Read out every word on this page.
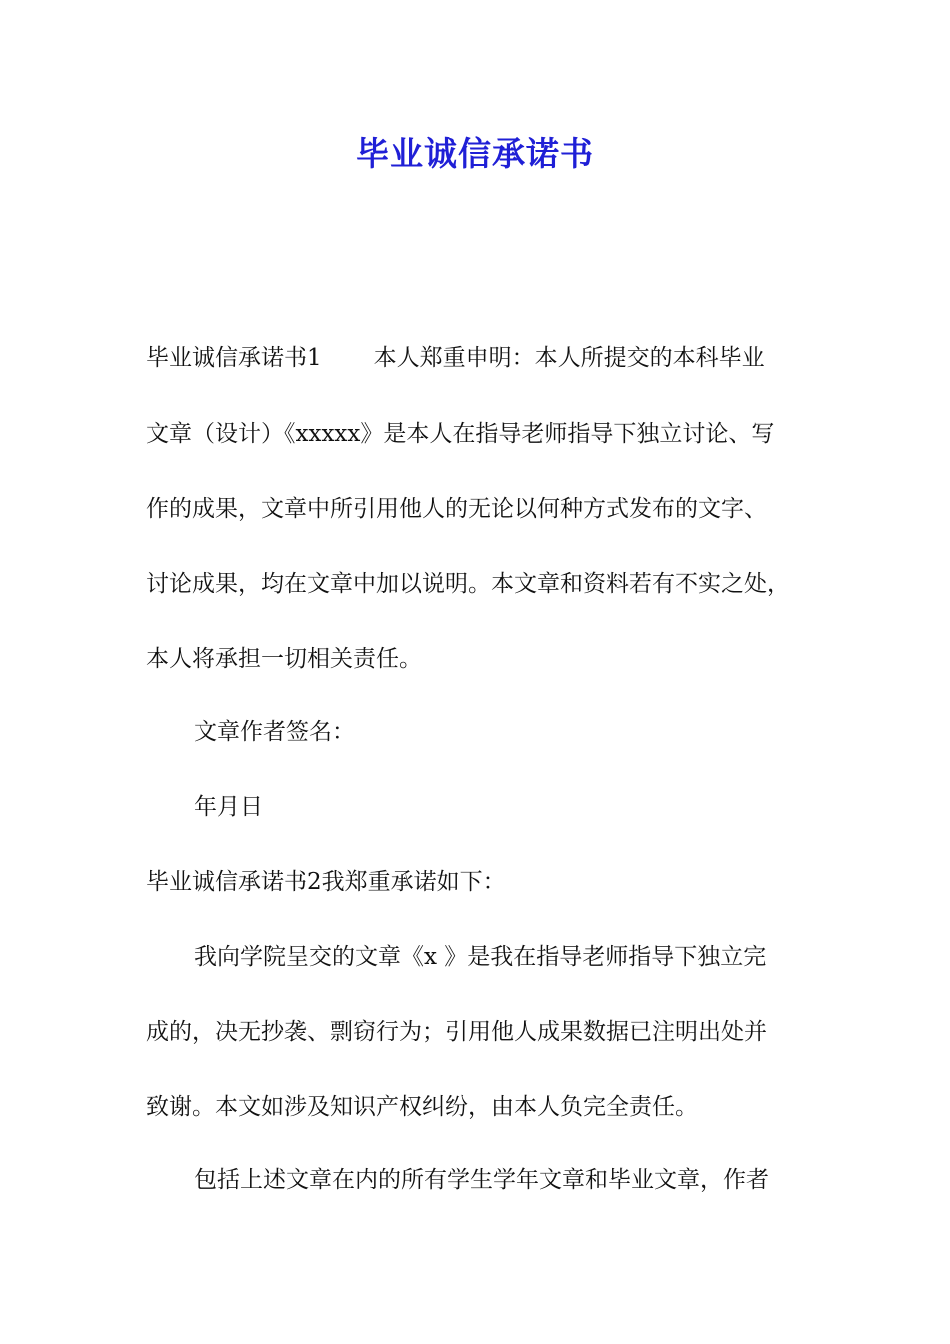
毕业诚信承诺书
毕业诚信承诺书1 本人郑重申明：本人所提交的本科毕业
文章（设计）《xxxxx》是本人在指导老师指导下独立讨论、写
作的成果，文章中所引用他人的无论以何种方式发布的文字、
讨论成果，均在文章中加以说明。本文章和资料若有不实之处，
本人将承担一切相关责任。
文章作者签名：
年月日
毕业诚信承诺书2我郑重承诺如下：
我向学院呈交的文章《x 》是我在指导老师指导下独立完
成的，决无抄袭、剽窃行为；引用他人成果数据已注明出处并
致谢。本文如涉及知识产权纠纷，由本人负完全责任。
包括上述文章在内的所有学生学年文章和毕业文章，作者
